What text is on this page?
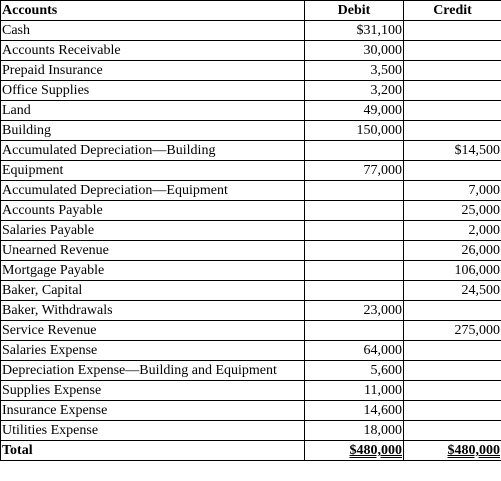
Accounts	Debit	Credit
Cash	$31,100	
Accounts Receivable	30,000	
Prepaid Insurance	3,500	
Office Supplies	3,200	
Land	49,000	
Building	150,000	
Accumulated Depreciation—Building		$14,500
Equipment	77,000	
Accumulated Depreciation—Equipment		7,000
Accounts Payable		25,000
Salaries Payable		2,000
Unearned Revenue		26,000
Mortgage Payable		106,000
Baker, Capital		24,500
Baker, Withdrawals	23,000	
Service Revenue		275,000
Salaries Expense	64,000	
Depreciation Expense—Building and Equipment	5,600	
Supplies Expense	11,000	
Insurance Expense	14,600	
Utilities Expense	18,000	
Total	$480,000	$480,000
